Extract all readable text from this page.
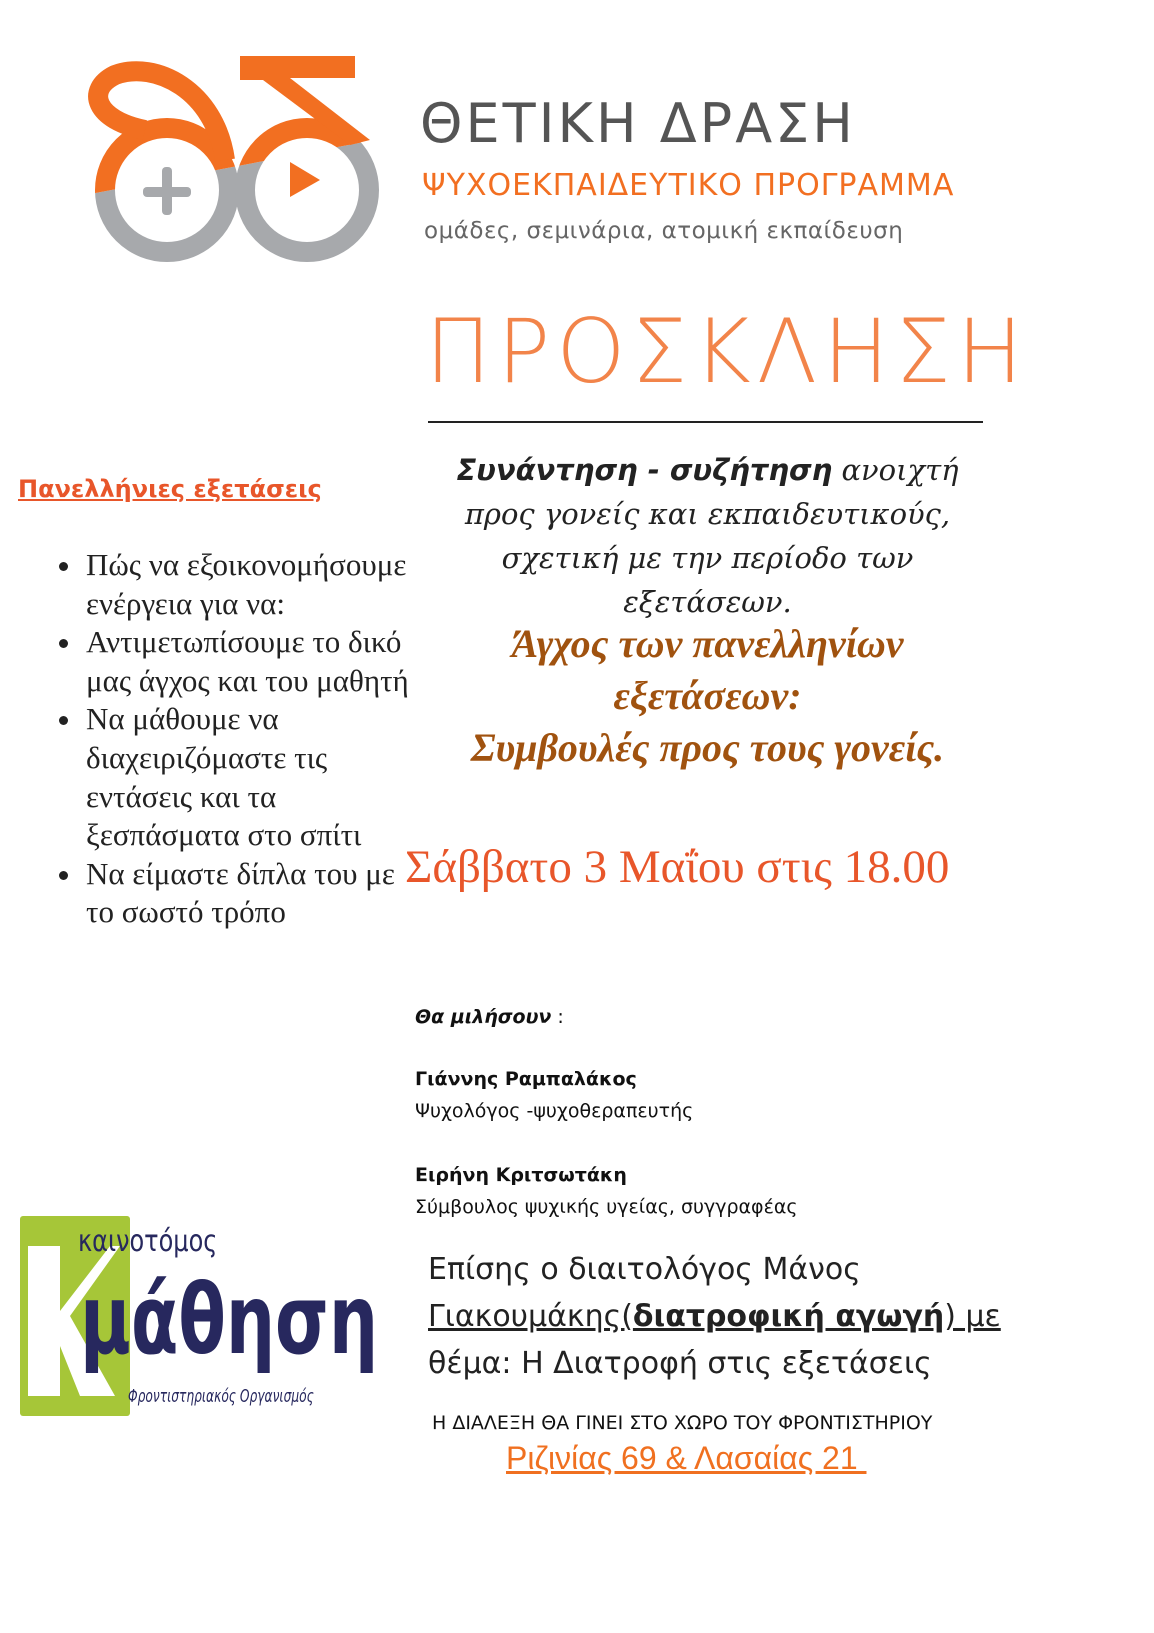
ΘΕΤΙΚΗ ΔΡΑΣΗ
ΨΥΧΟΕΚΠΑΙΔΕΥΤΙΚΟ ΠΡΟΓΡΑΜΜΑ
ομάδες, σεμινάρια, ατομική εκπαίδευση
ΠΡΟΣΚΛΗΣΗ
Συνάντηση - συζήτηση ανοιχτή προς γονείς και εκπαιδευτικούς, σχετική με την περίοδο των εξετάσεων.
Άγχος των πανελληνίων
εξετάσεων:
Συμβουλές προς τους γονείς.
Σάββατο 3 Μαΐου στις 18.00
Πανελλήνιες εξετάσεις
• Πώς να εξοικονομήσουμε ενέργεια για να:
• Αντιμετωπίσουμε το δικό μας άγχος και του μαθητή
• Να μάθουμε να διαχειριζόμαστε τις εντάσεις και τα ξεσπάσματα στο σπίτι
• Να είμαστε δίπλα του με το σωστό τρόπο
καινοτόμος
μάθηση
Φροντιστηριακός Οργανισμός
Θα μιλήσουν :
Γιάννης Ραμπαλάκος
Ψυχολόγος -ψυχοθεραπευτής
Ειρήνη Κριτσωτάκη
Σύμβουλος ψυχικής υγείας, συγγραφέας
Επίσης ο διαιτολόγος Μάνος
Γιακουμάκης(διατροφική αγωγή) με
θέμα: Η Διατροφή στις εξετάσεις
Η ΔΙΑΛΕΞΗ ΘΑ ΓΙΝΕΙ ΣΤΟ ΧΩΡΟ ΤΟΥ ΦΡΟΝΤΙΣΤΗΡΙΟΥ
Ριζινίας 69 & Λασαίας 21
